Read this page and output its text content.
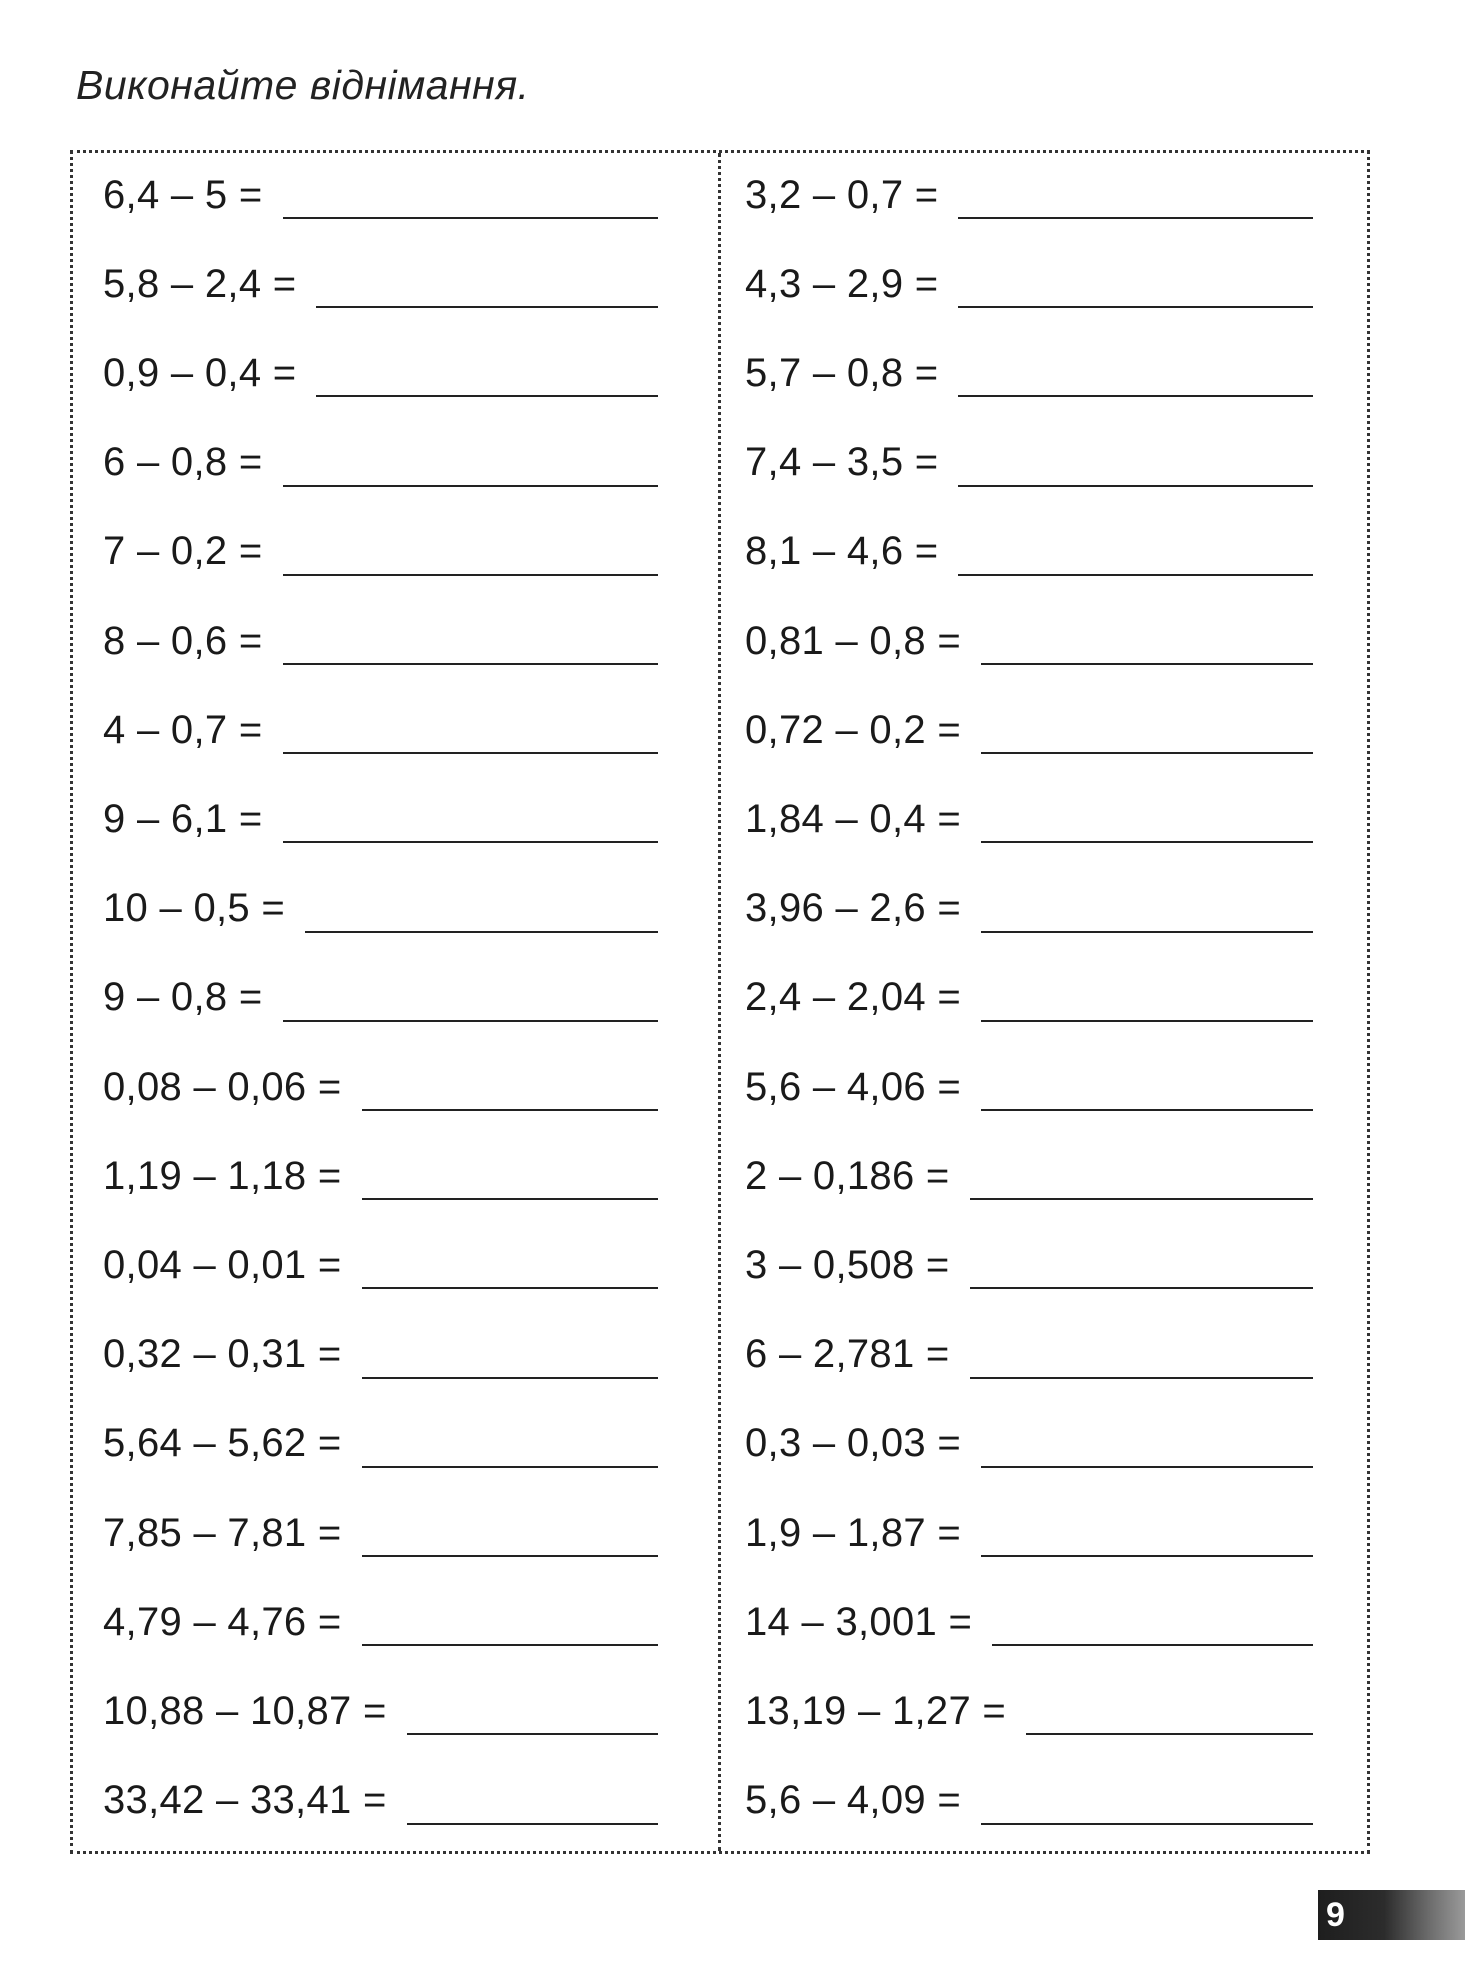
Виконайте віднімання.
6,4 – 5 =
5,8 – 2,4 =
0,9 – 0,4 =
6 – 0,8 =
7 – 0,2 =
8 – 0,6 =
4 – 0,7 =
9 – 6,1 =
10 – 0,5 =
9 – 0,8 =
0,08 – 0,06 =
1,19 – 1,18 =
0,04 – 0,01 =
0,32 – 0,31 =
5,64 – 5,62 =
7,85 – 7,81 =
4,79 – 4,76 =
10,88 – 10,87 =
33,42 – 33,41 =
3,2 – 0,7 =
4,3 – 2,9 =
5,7 – 0,8 =
7,4 – 3,5 =
8,1 – 4,6 =
0,81 – 0,8 =
0,72 – 0,2 =
1,84 – 0,4 =
3,96 – 2,6 =
2,4 – 2,04 =
5,6 – 4,06 =
2 – 0,186 =
3 – 0,508 =
6 – 2,781 =
0,3 – 0,03 =
1,9 – 1,87 =
14 – 3,001 =
13,19 – 1,27 =
5,6 – 4,09 =
9
